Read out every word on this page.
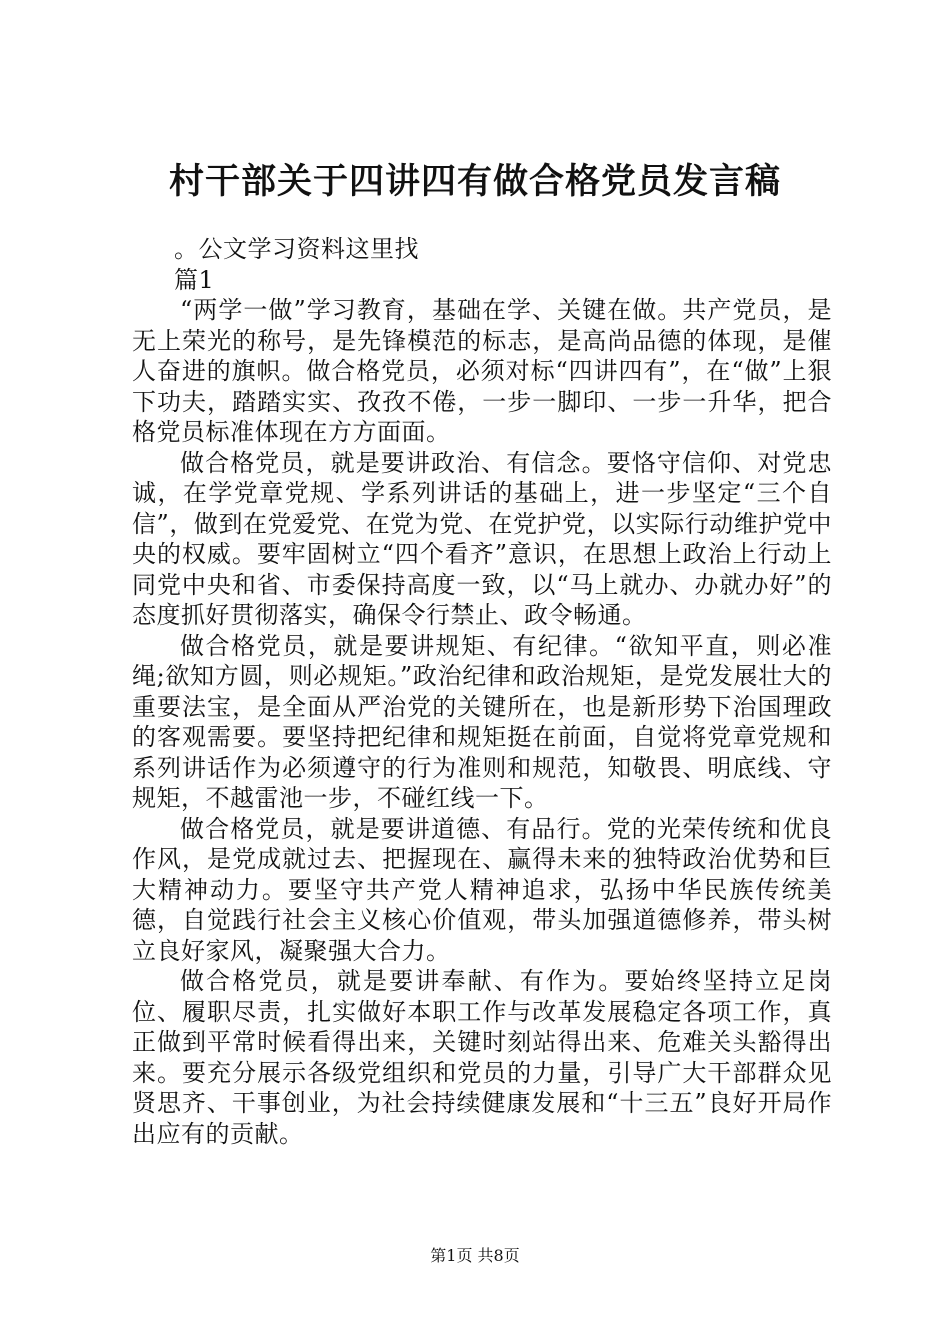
村干部关于四讲四有做合格党员发言稿

。公文学习资料这里找

篇1

“两学一做”学习教育，基础在学、关键在做。共产党员，是无上荣光的称号，是先锋模范的标志，是高尚品德的体现，是催人奋进的旗帜。做合格党员，必须对标“四讲四有”，在“做”上狠下功夫，踏踏实实、孜孜不倦，一步一脚印、一步一升华，把合格党员标准体现在方方面面。

做合格党员，就是要讲政治、有信念。要恪守信仰、对党忠诚，在学党章党规、学系列讲话的基础上，进一步坚定“三个自信”，做到在党爱党、在党为党、在党护党，以实际行动维护党中央的权威。要牢固树立“四个看齐”意识，在思想上政治上行动上同党中央和省、市委保持高度一致，以“马上就办、办就办好”的态度抓好贯彻落实，确保令行禁止、政令畅通。

做合格党员，就是要讲规矩、有纪律。“欲知平直，则必准绳;欲知方圆，则必规矩。”政治纪律和政治规矩，是党发展壮大的重要法宝，是全面从严治党的关键所在，也是新形势下治国理政的客观需要。要坚持把纪律和规矩挺在前面，自觉将党章党规和系列讲话作为必须遵守的行为准则和规范，知敬畏、明底线、守规矩，不越雷池一步，不碰红线一下。

做合格党员，就是要讲道德、有品行。党的光荣传统和优良作风，是党成就过去、把握现在、赢得未来的独特政治优势和巨大精神动力。要坚守共产党人精神追求，弘扬中华民族传统美德，自觉践行社会主义核心价值观，带头加强道德修养，带头树立良好家风，凝聚强大合力。

做合格党员，就是要讲奉献、有作为。要始终坚持立足岗位、履职尽责，扎实做好本职工作与改革发展稳定各项工作，真正做到平常时候看得出来，关键时刻站得出来、危难关头豁得出来。要充分展示各级党组织和党员的力量，引导广大干部群众见贤思齐、干事创业，为社会持续健康发展和“十三五”良好开局作出应有的贡献。

第1页 共8页
